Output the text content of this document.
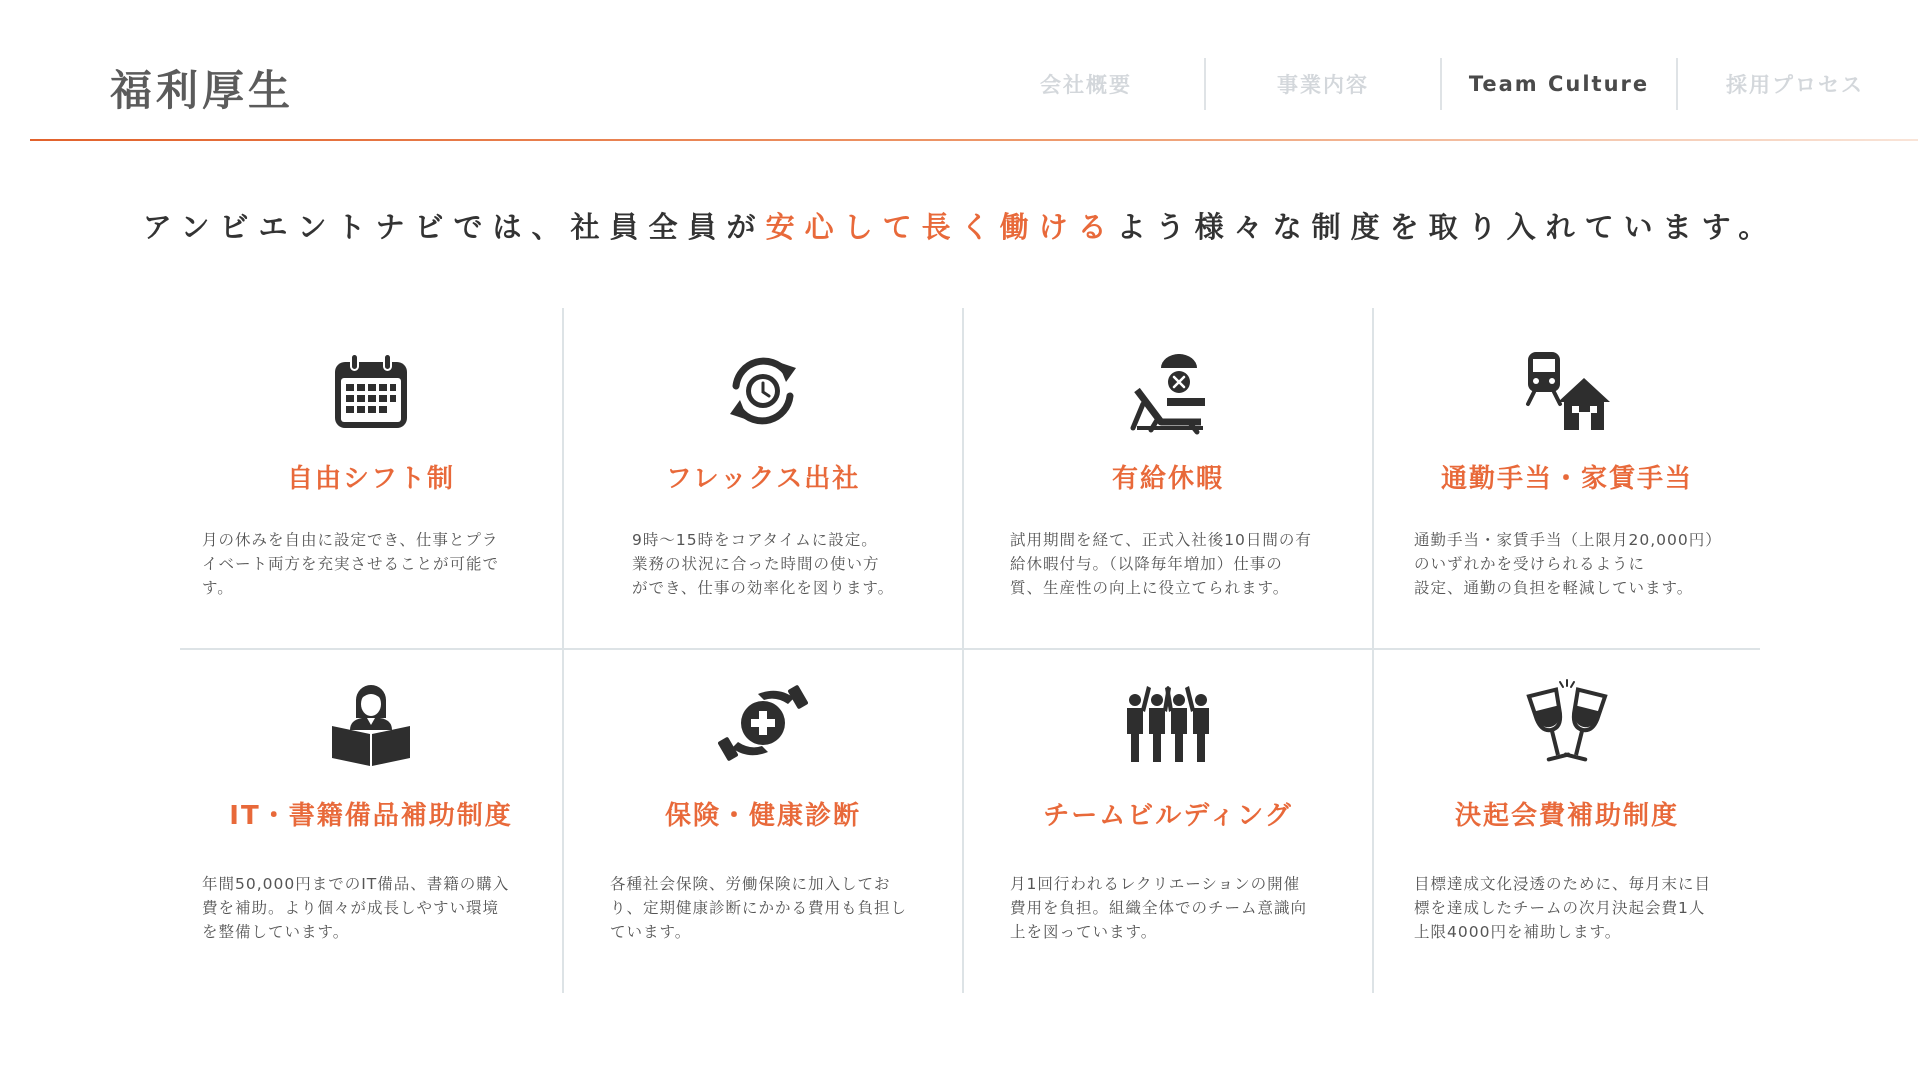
福利厚生	会社概要	事業内容	Team Culture	採用プロセス
アンビエントナビでは、社員全員が安心して長く働けるよう様々な制度を取り入れています。
自由シフト制
月の休みを自由に設定でき、仕事とプラ
イベート両方を充実させることが可能で
す。
フレックス出社
9時〜15時をコアタイムに設定。
業務の状況に合った時間の使い方
ができ、仕事の効率化を図ります。
有給休暇
試用期間を経て、正式入社後10日間の有
給休暇付与。（以降毎年増加）仕事の
質、生産性の向上に役立てられます。
通勤手当・家賃手当
通勤手当・家賃手当（上限月20,000円）
のいずれかを受けられるように
設定、通勤の負担を軽減しています。
IT・書籍備品補助制度
年間50,000円までのIT備品、書籍の購入
費を補助。より個々が成長しやすい環境
を整備しています。
保険・健康診断
各種社会保険、労働保険に加入してお
り、定期健康診断にかかる費用も負担し
ています。
チームビルディング
月1回行われるレクリエーションの開催
費用を負担。組織全体でのチーム意識向
上を図っています。
決起会費補助制度
目標達成文化浸透のために、毎月末に目
標を達成したチームの次月決起会費1人
上限4000円を補助します。
